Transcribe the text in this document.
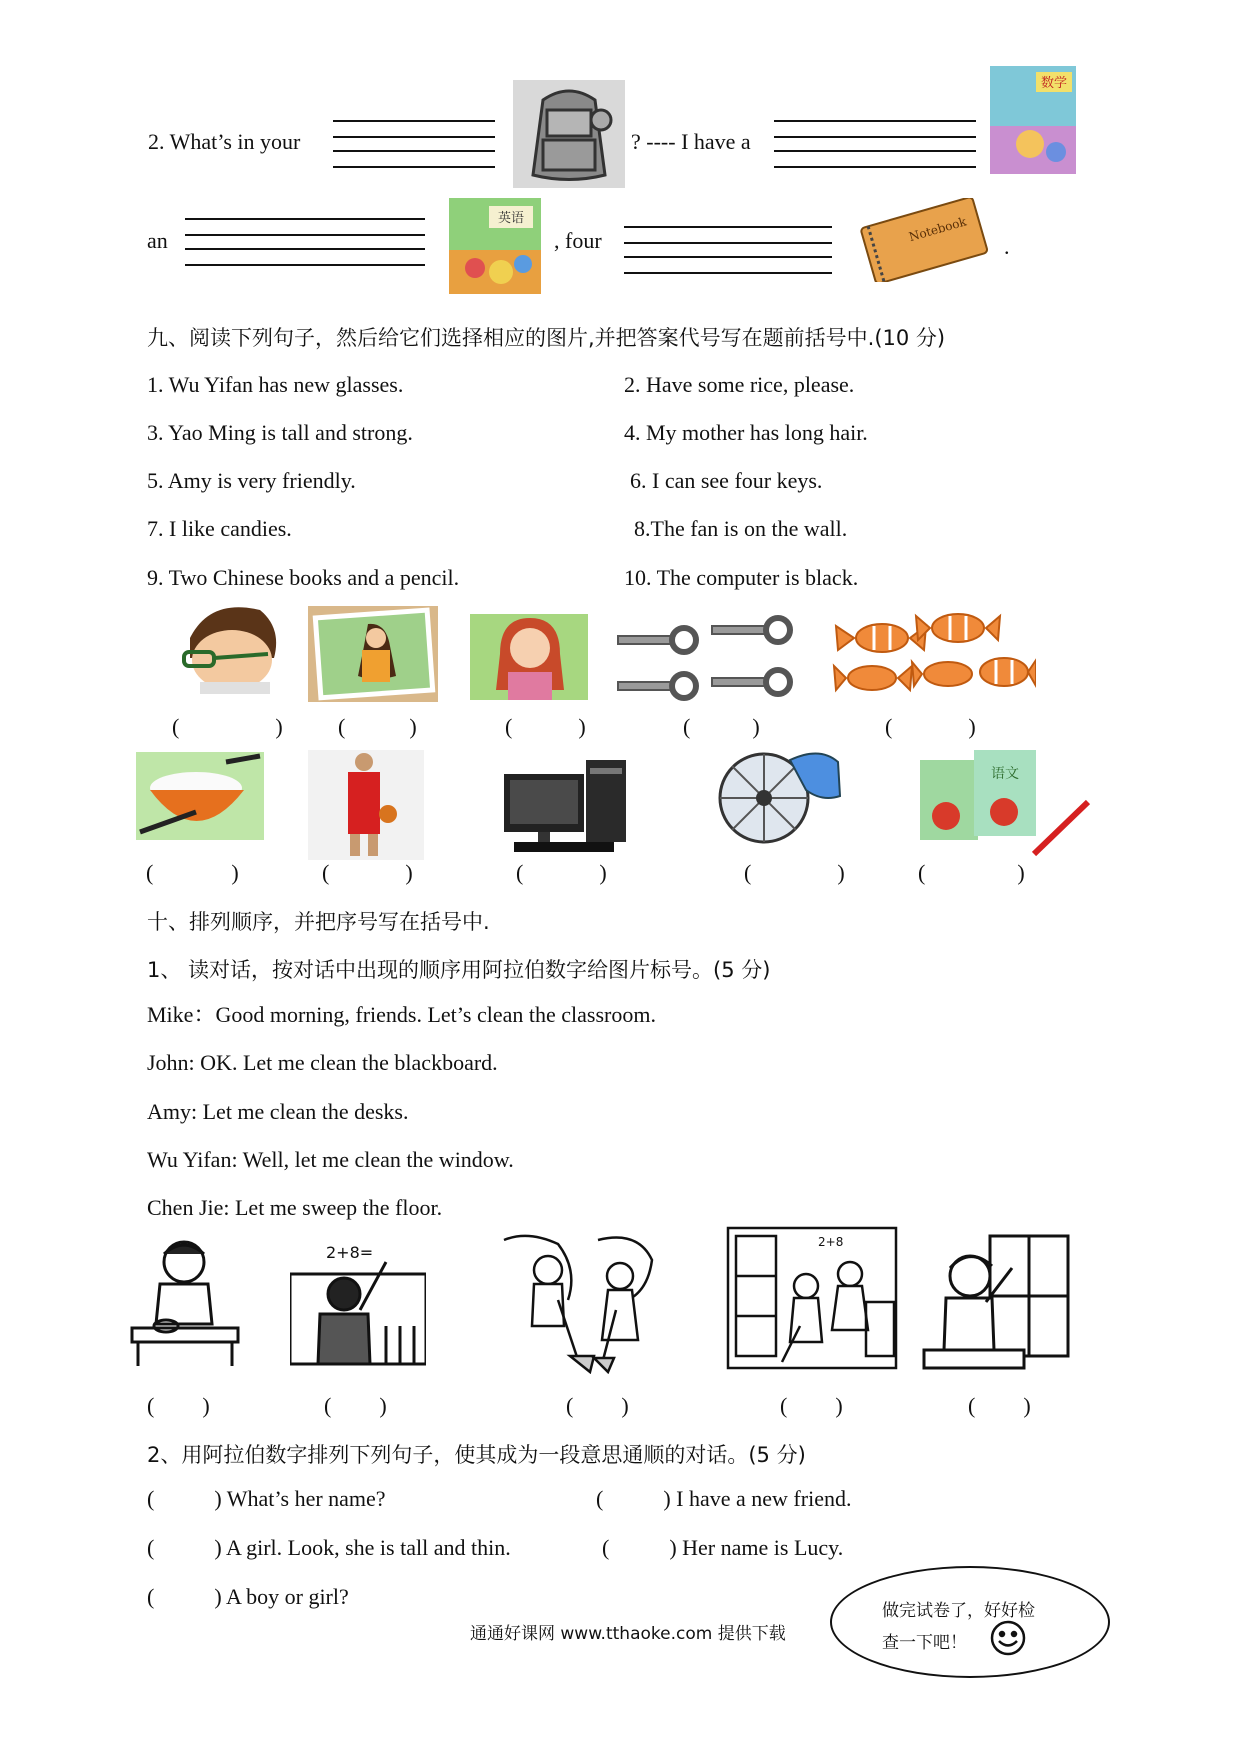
2. What’s in your	? ---- I have a
数学
an
英语
, four	Notebook
.
九、阅读下列句子，然后给它们选择相应的图片,并把答案代号写在题前括号中.(10 分)
1. Wu Yifan has new glasses.	2. Have some rice, please.
3. Yao Ming is tall and strong.	4. My mother has long hair.
5. Amy is very friendly.	6. I can see four keys.
7. I like candies.	8.The fan is on the wall.
9. Two Chinese books and a pencil.	10. The computer is black.
(	)	(	)	(	)	(	)	(	)
语文
(	)	(	)	(	)	(	)	(	)
十、排列顺序，并把序号写在括号中.
1、 读对话，按对话中出现的顺序用阿拉伯数字给图片标号。(5 分)
Mike：Good morning, friends. Let’s clean the classroom.
John: OK. Let me clean the blackboard.
Amy: Let me clean the desks.
Wu Yifan: Well, let me clean the window.
Chen Jie: Let me sweep the floor.
2+8=
2+8
( )	( )	( )	( )	( )
2、用阿拉伯数字排列下列句子，使其成为一段意思通顺的对话。(5 分)
(	) What’s her name?	(	) I have a new friend.
(	) A girl. Look, she is tall and thin.	(	) Her name is Lucy.
(	) A boy or girl?
通通好课网 www.tthaoke.com 提供下载
做完试卷了，好好检
查一下吧！
